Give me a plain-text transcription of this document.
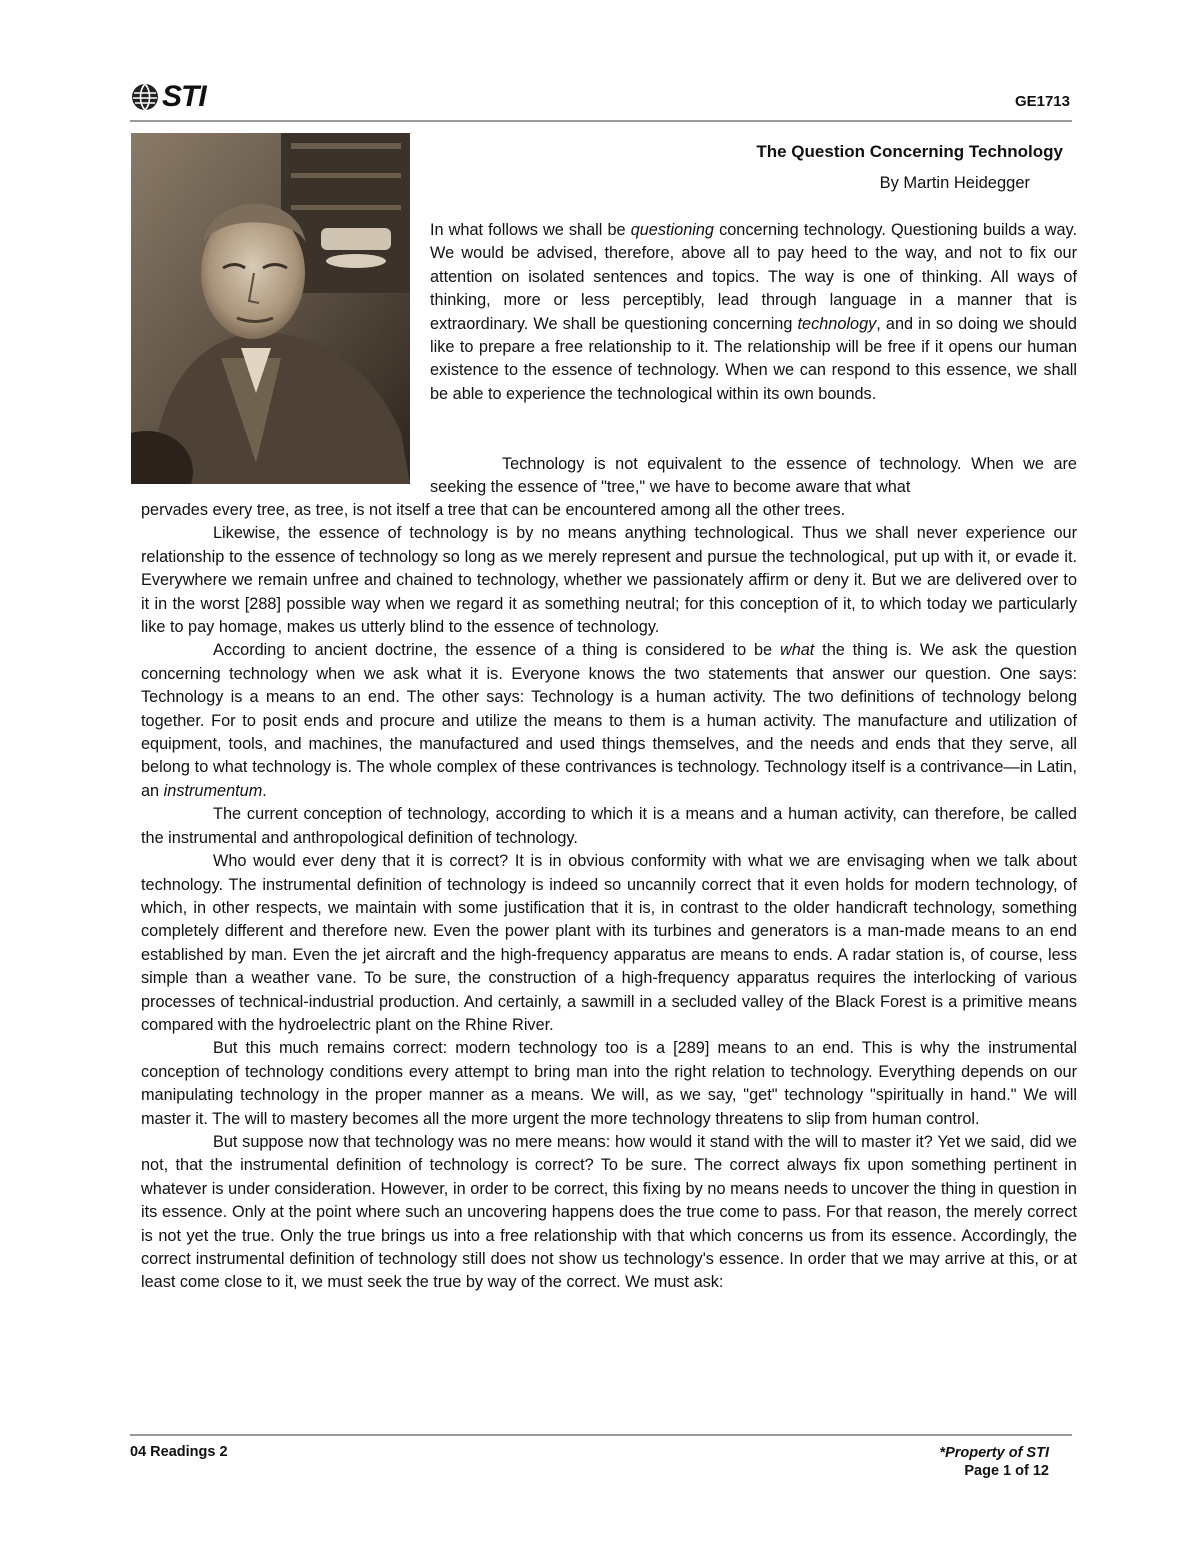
STI	GE1713
The Question Concerning Technology
By Martin Heidegger

In what follows we shall be questioning concerning technology. Questioning builds a way. We would be advised, therefore, above all to pay heed to the way, and not to fix our attention on isolated sentences and topics. The way is one of thinking. All ways of thinking, more or less perceptibly, lead through language in a manner that is extraordinary. We shall be questioning concerning technology, and in so doing we should like to prepare a free relationship to it. The relationship will be free if it opens our human existence to the essence of technology. When we can respond to this essence, we shall be able to experience the technological within its own bounds.

Technology is not equivalent to the essence of technology. When we are seeking the essence of "tree," we have to become aware that what

pervades every tree, as tree, is not itself a tree that can be encountered among all the other trees.

Likewise, the essence of technology is by no means anything technological. Thus we shall never experience our relationship to the essence of technology so long as we merely represent and pursue the technological, put up with it, or evade it. Everywhere we remain unfree and chained to technology, whether we passionately affirm or deny it. But we are delivered over to it in the worst [288] possible way when we regard it as something neutral; for this conception of it, to which today we particularly like to pay homage, makes us utterly blind to the essence of technology.

According to ancient doctrine, the essence of a thing is considered to be what the thing is. We ask the question concerning technology when we ask what it is. Everyone knows the two statements that answer our question. One says: Technology is a means to an end. The other says: Technology is a human activity. The two definitions of technology belong together. For to posit ends and procure and utilize the means to them is a human activity. The manufacture and utilization of equipment, tools, and machines, the manufactured and used things themselves, and the needs and ends that they serve, all belong to what technology is. The whole complex of these contrivances is technology. Technology itself is a contrivance—in Latin, an instrumentum.

The current conception of technology, according to which it is a means and a human activity, can therefore, be called the instrumental and anthropological definition of technology.

Who would ever deny that it is correct? It is in obvious conformity with what we are envisaging when we talk about technology. The instrumental definition of technology is indeed so uncannily correct that it even holds for modern technology, of which, in other respects, we maintain with some justification that it is, in contrast to the older handicraft technology, something completely different and therefore new. Even the power plant with its turbines and generators is a man-made means to an end established by man. Even the jet aircraft and the high-frequency apparatus are means to ends. A radar station is, of course, less simple than a weather vane. To be sure, the construction of a high-frequency apparatus requires the interlocking of various processes of technical-industrial production. And certainly, a sawmill in a secluded valley of the Black Forest is a primitive means compared with the hydroelectric plant on the Rhine River.

But this much remains correct: modern technology too is a [289] means to an end. This is why the instrumental conception of technology conditions every attempt to bring man into the right relation to technology. Everything depends on our manipulating technology in the proper manner as a means. We will, as we say, "get" technology "spiritually in hand." We will master it. The will to mastery becomes all the more urgent the more technology threatens to slip from human control.

But suppose now that technology was no mere means: how would it stand with the will to master it? Yet we said, did we not, that the instrumental definition of technology is correct? To be sure. The correct always fix upon something pertinent in whatever is under consideration. However, in order to be correct, this fixing by no means needs to uncover the thing in question in its essence. Only at the point where such an uncovering happens does the true come to pass. For that reason, the merely correct is not yet the true. Only the true brings us into a free relationship with that which concerns us from its essence. Accordingly, the correct instrumental definition of technology still does not show us technology's essence. In order that we may arrive at this, or at least come close to it, we must seek the true by way of the correct. We must ask:

04 Readings 2	*Property of STI
Page 1 of 12
